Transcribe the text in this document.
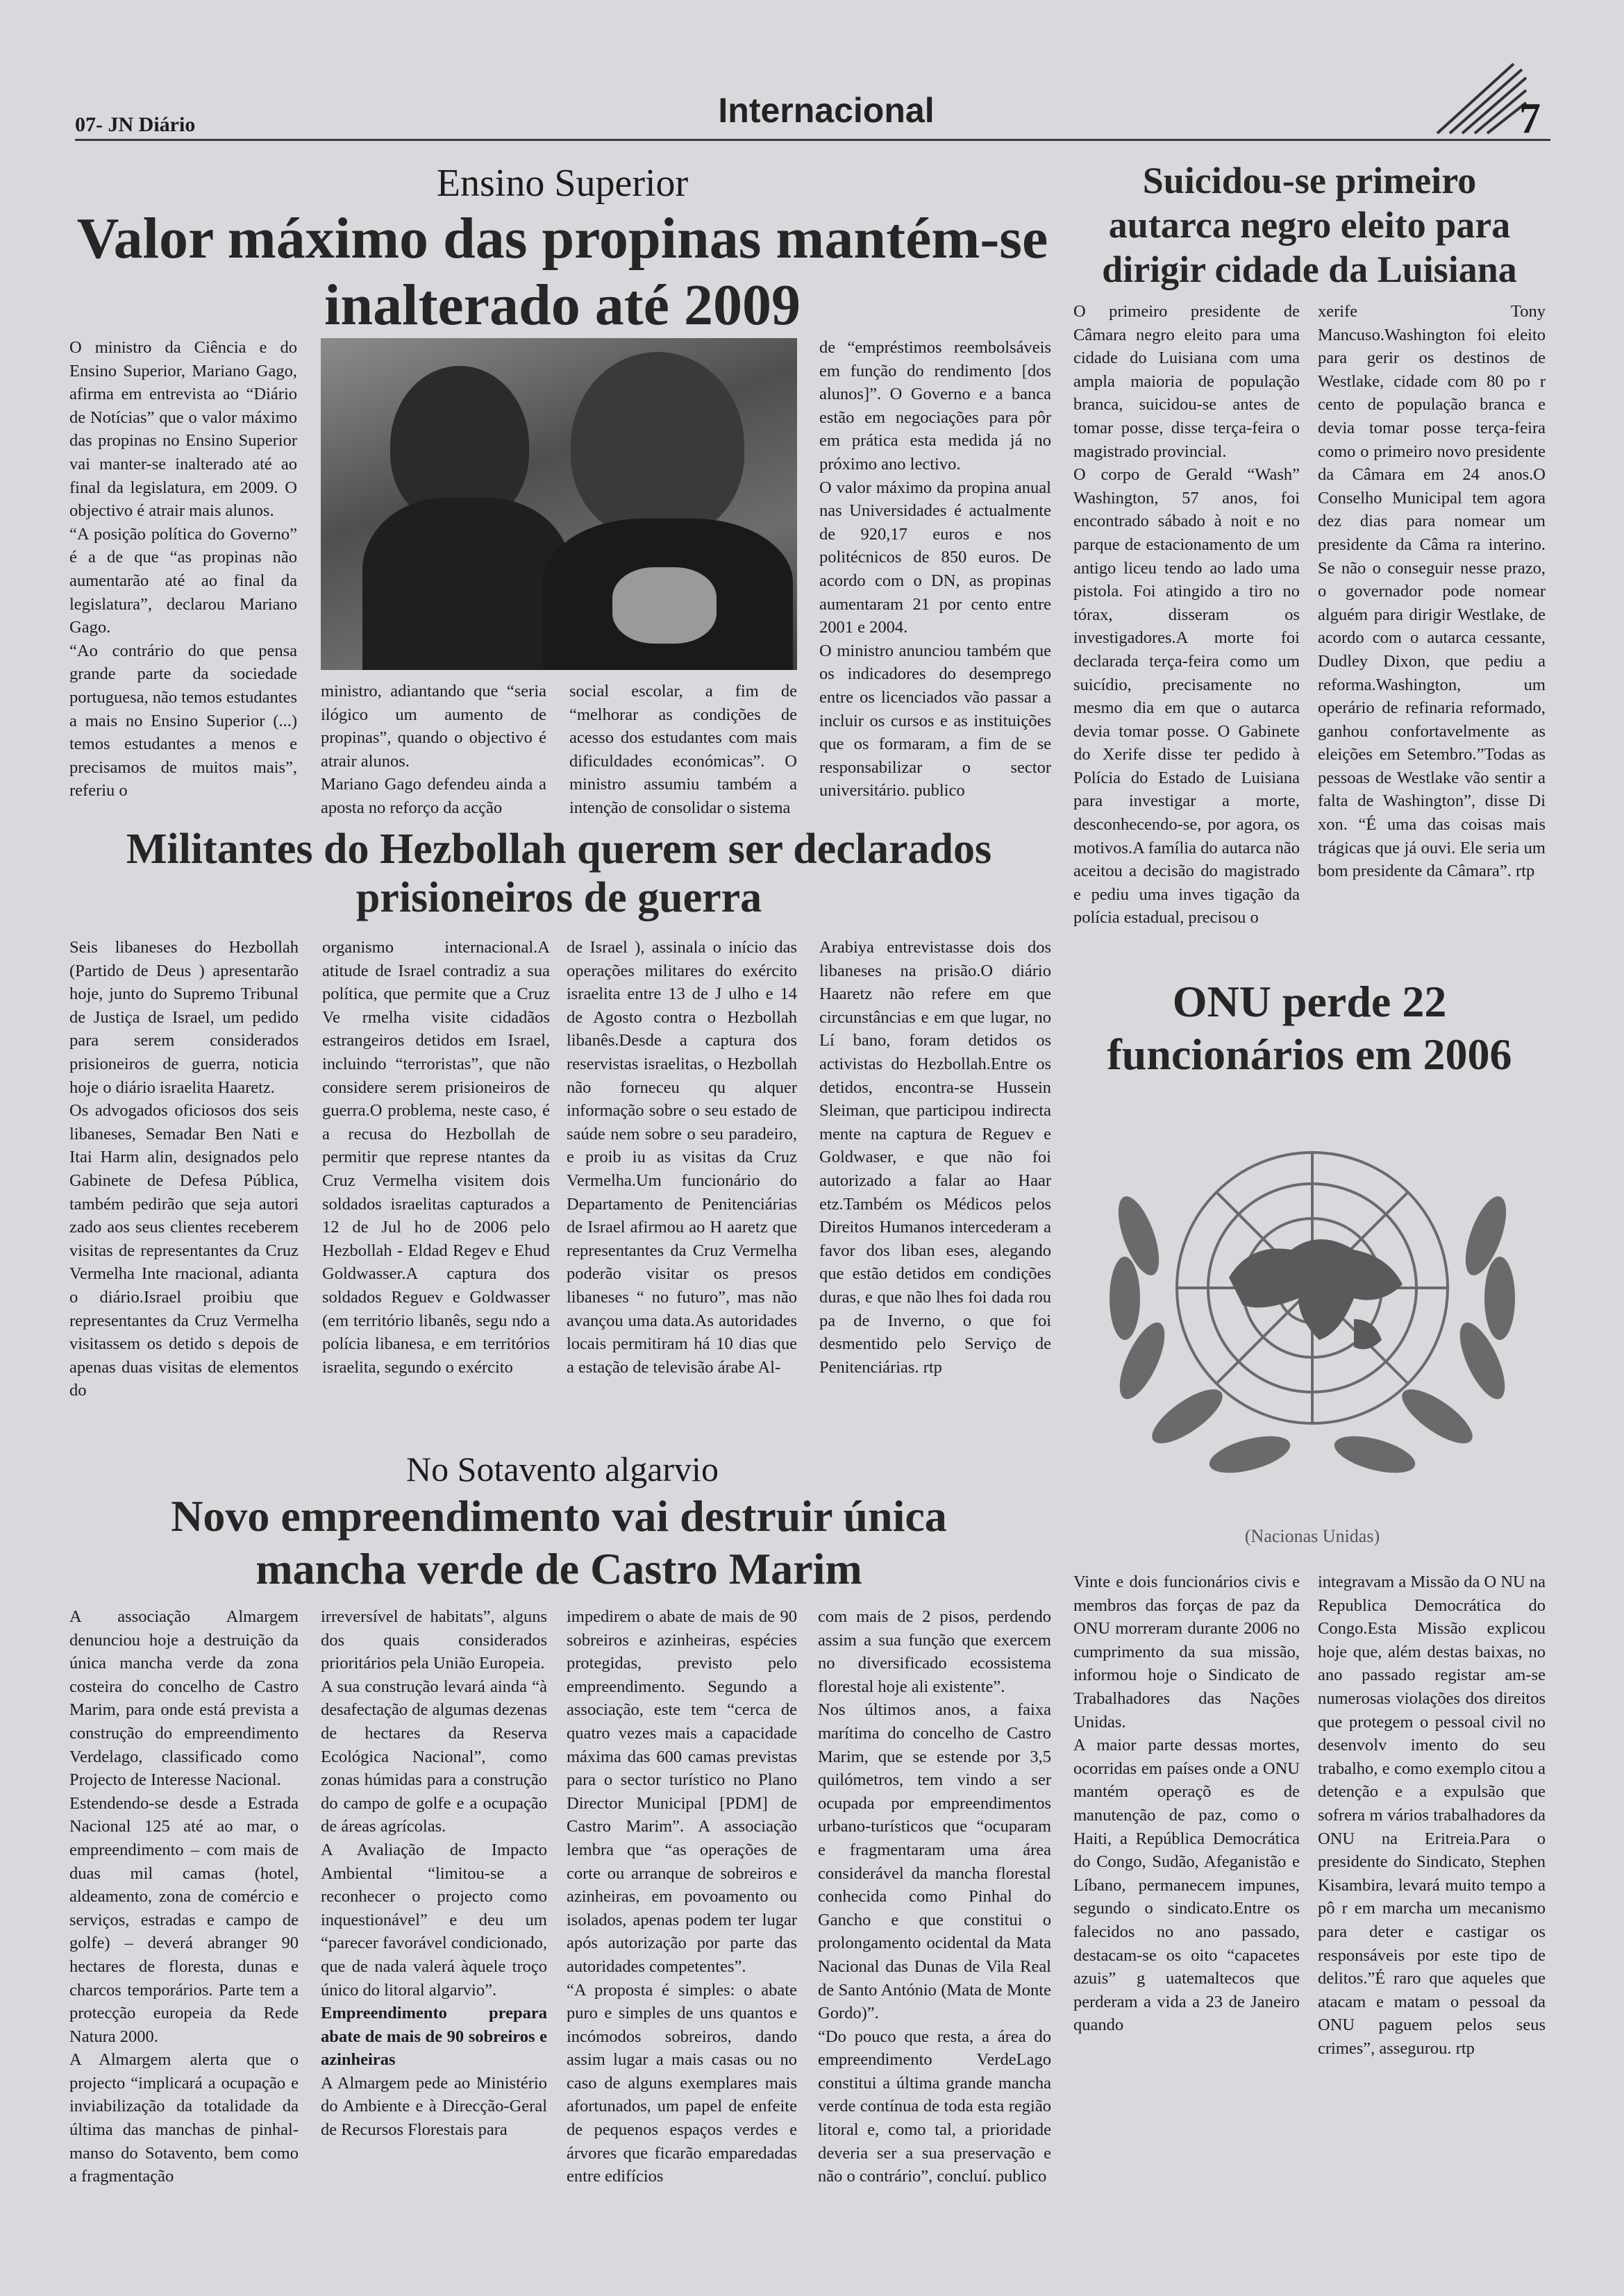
07- JN Diário	Internacional	7
Ensino Superior
Valor máximo das propinas mantém-se inalterado até 2009

O ministro da Ciência e do Ensino Superior, Mariano Gago, afirma em entrevista ao “Diário de Notícias” que o valor máximo das propinas no Ensino Superior vai manter-se inalterado até ao final da legislatura, em 2009. O objectivo é atrair mais alunos.

“A posição política do Governo” é a de que “as propinas não aumentarão até ao final da legislatura”, declarou Mariano Gago.

“Ao contrário do que pensa grande parte da sociedade portuguesa, não temos estudantes a mais no Ensino Superior (...) temos estudantes a menos e precisamos de muitos mais”, referiu o

ministro, adiantando que “seria ilógico um aumento de propinas”, quando o objectivo é atrair alunos.

Mariano Gago defendeu ainda a aposta no reforço da acção

social escolar, a fim de “melhorar as condições de acesso dos estudantes com mais dificuldades económicas”. O ministro assumiu também a intenção de consolidar o sistema

de “empréstimos reembolsáveis em função do rendimento [dos alunos]”. O Governo e a banca estão em negociações para pôr em prática esta medida já no próximo ano lectivo.

O valor máximo da propina anual nas Universidades é actualmente de 920,17 euros e nos politécnicos de 850 euros. De acordo com o DN, as propinas aumentaram 21 por cento entre 2001 e 2004.

O ministro anunciou também que os indicadores do desemprego entre os licenciados vão passar a incluir os cursos e as instituições que os formaram, a fim de se responsabilizar o sector universitário. publico

Militantes do Hezbollah querem ser declarados prisioneiros de guerra

Seis libaneses do Hezbollah (Partido de Deus ) apresentarão hoje, junto do Supremo Tribunal de Justiça de Israel, um pedido para serem considerados prisioneiros de guerra, noticia hoje o diário israelita Haaretz.

Os advogados oficiosos dos seis libaneses, Semadar Ben Nati e Itai Harm alin, designados pelo Gabinete de Defesa Pública, também pedirão que seja autori zado aos seus clientes receberem visitas de representantes da Cruz Vermelha Inte rnacional, adianta o diário.Israel proibiu que representantes da Cruz Vermelha visitassem os detido s depois de apenas duas visitas de elementos do

organismo internacional.A atitude de Israel contradiz a sua política, que permite que a Cruz Ve rmelha visite cidadãos estrangeiros detidos em Israel, incluindo “terroristas”, que não considere serem prisioneiros de guerra.O problema, neste caso, é a recusa do Hezbollah de permitir que represe ntantes da Cruz Vermelha visitem dois soldados israelitas capturados a 12 de Jul ho de 2006 pelo Hezbollah - Eldad Regev e Ehud Goldwasser.A captura dos soldados Reguev e Goldwasser (em território libanês, segu ndo a polícia libanesa, e em territórios israelita, segundo o exército

de Israel ), assinala o início das operações militares do exército israelita entre 13 de J ulho e 14 de Agosto contra o Hezbollah libanês.Desde a captura dos reservistas israelitas, o Hezbollah não forneceu qu alquer informação sobre o seu estado de saúde nem sobre o seu paradeiro, e proib iu as visitas da Cruz Vermelha.Um funcionário do Departamento de Penitenciárias de Israel afirmou ao H aaretz que representantes da Cruz Vermelha poderão visitar os presos libaneses “ no futuro”, mas não avançou uma data.As autoridades locais permitiram há 10 dias que a estação de televisão árabe Al-

Arabiya entrevistasse dois dos libaneses na prisão.O diário Haaretz não refere em que circunstâncias e em que lugar, no Lí bano, foram detidos os activistas do Hezbollah.Entre os detidos, encontra-se Hussein Sleiman, que participou indirecta mente na captura de Reguev e Goldwaser, e que não foi autorizado a falar ao Haar etz.Também os Médicos pelos Direitos Humanos intercederam a favor dos liban eses, alegando que estão detidos em condições duras, e que não lhes foi dada rou pa de Inverno, o que foi desmentido pelo Serviço de Penitenciárias. rtp

No Sotavento algarvio
Novo empreendimento vai destruir única mancha verde de Castro Marim

A associação Almargem denunciou hoje a destruição da única mancha verde da zona costeira do concelho de Castro Marim, para onde está prevista a construção do empreendimento Verdelago, classificado como Projecto de Interesse Nacional.

Estendendo-se desde a Estrada Nacional 125 até ao mar, o empreendimento – com mais de duas mil camas (hotel, aldeamento, zona de comércio e serviços, estradas e campo de golfe) – deverá abranger 90 hectares de floresta, dunas e charcos temporários. Parte tem a protecção europeia da Rede Natura 2000.

A Almargem alerta que o projecto “implicará a ocupação e inviabilização da totalidade da última das manchas de pinhal-manso do Sotavento, bem como a fragmentação

irreversível de habitats”, alguns dos quais considerados prioritários pela União Europeia.

A sua construção levará ainda “à desafectação de algumas dezenas de hectares da Reserva Ecológica Nacional”, como zonas húmidas para a construção do campo de golfe e a ocupação de áreas agrícolas.

A Avaliação de Impacto Ambiental “limitou-se a reconhecer o projecto como inquestionável” e deu um “parecer favorável condicionado, que de nada valerá àquele troço único do litoral algarvio”.

Empreendimento prepara abate de mais de 90 sobreiros e azinheiras

A Almargem pede ao Ministério do Ambiente e à Direcção-Geral de Recursos Florestais para

impedirem o abate de mais de 90 sobreiros e azinheiras, espécies protegidas, previsto pelo empreendimento. Segundo a associação, este tem “cerca de quatro vezes mais a capacidade máxima das 600 camas previstas para o sector turístico no Plano Director Municipal [PDM] de Castro Marim”. A associação lembra que “as operações de corte ou arranque de sobreiros e azinheiras, em povoamento ou isolados, apenas podem ter lugar após autorização por parte das autoridades competentes”.

“A proposta é simples: o abate puro e simples de uns quantos e incómodos sobreiros, dando assim lugar a mais casas ou no caso de alguns exemplares mais afortunados, um papel de enfeite de pequenos espaços verdes e árvores que ficarão emparedadas entre edifícios

com mais de 2 pisos, perdendo assim a sua função que exercem no diversificado ecossistema florestal hoje ali existente”.

Nos últimos anos, a faixa marítima do concelho de Castro Marim, que se estende por 3,5 quilómetros, tem vindo a ser ocupada por empreendimentos urbano-turísticos que “ocuparam e fragmentaram uma área considerável da mancha florestal conhecida como Pinhal do Gancho e que constitui o prolongamento ocidental da Mata Nacional das Dunas de Vila Real de Santo António (Mata de Monte Gordo)”.

“Do pouco que resta, a área do empreendimento VerdeLago constitui a última grande mancha verde contínua de toda esta região litoral e, como tal, a prioridade deveria ser a sua preservação e não o contrário”, concluí. publico

Suicidou-se primeiro autarca negro eleito para dirigir cidade da Luisiana

O primeiro presidente de Câmara negro eleito para uma cidade do Luisiana com uma ampla maioria de população branca, suicidou-se antes de tomar posse, disse terça-feira o magistrado provincial.

O corpo de Gerald “Wash” Washington, 57 anos, foi encontrado sábado à noit e no parque de estacionamento de um antigo liceu tendo ao lado uma pistola. Foi atingido a tiro no tórax, disseram os investigadores.A morte foi declarada terça-feira como um suicídio, precisamente no mesmo dia em que o autarca devia tomar posse. O Gabinete do Xerife disse ter pedido à Polícia do Estado de Luisiana para investigar a morte, desconhecendo-se, por agora, os motivos.A família do autarca não aceitou a decisão do magistrado e pediu uma inves tigação da polícia estadual, precisou o

xerife Tony Mancuso.Washington foi eleito para gerir os destinos de Westlake, cidade com 80 po r cento de população branca e devia tomar posse terça-feira como o primeiro novo presidente da Câmara em 24 anos.O Conselho Municipal tem agora dez dias para nomear um presidente da Câma ra interino. Se não o conseguir nesse prazo, o governador pode nomear alguém para dirigir Westlake, de acordo com o autarca cessante, Dudley Dixon, que pediu a reforma.Washington, um operário de refinaria reformado, ganhou confortavelmente as eleições em Setembro.”Todas as pessoas de Westlake vão sentir a falta de Washington”, disse Di xon. “É uma das coisas mais trágicas que já ouvi. Ele seria um bom presidente da Câmara”. rtp

ONU perde 22 funcionários em 2006
(Nacionas Unidas)

Vinte e dois funcionários civis e membros das forças de paz da ONU morreram durante 2006 no cumprimento da sua missão, informou hoje o Sindicato de Trabalhadores das Nações Unidas.

A maior parte dessas mortes, ocorridas em países onde a ONU mantém operaçõ es de manutenção de paz, como o Haiti, a República Democrática do Congo, Sudão, Afeganistão e Líbano, permanecem impunes, segundo o sindicato.Entre os falecidos no ano passado, destacam-se os oito “capacetes azuis” g uatemaltecos que perderam a vida a 23 de Janeiro quando

integravam a Missão da O NU na Republica Democrática do Congo.Esta Missão explicou hoje que, além destas baixas, no ano passado registar am-se numerosas violações dos direitos que protegem o pessoal civil no desenvolv imento do seu trabalho, e como exemplo citou a detenção e a expulsão que sofrera m vários trabalhadores da ONU na Eritreia.Para o presidente do Sindicato, Stephen Kisambira, levará muito tempo a pô r em marcha um mecanismo para deter e castigar os responsáveis por este tipo de delitos.”É raro que aqueles que atacam e matam o pessoal da ONU paguem pelos seus crimes”, assegurou. rtp
